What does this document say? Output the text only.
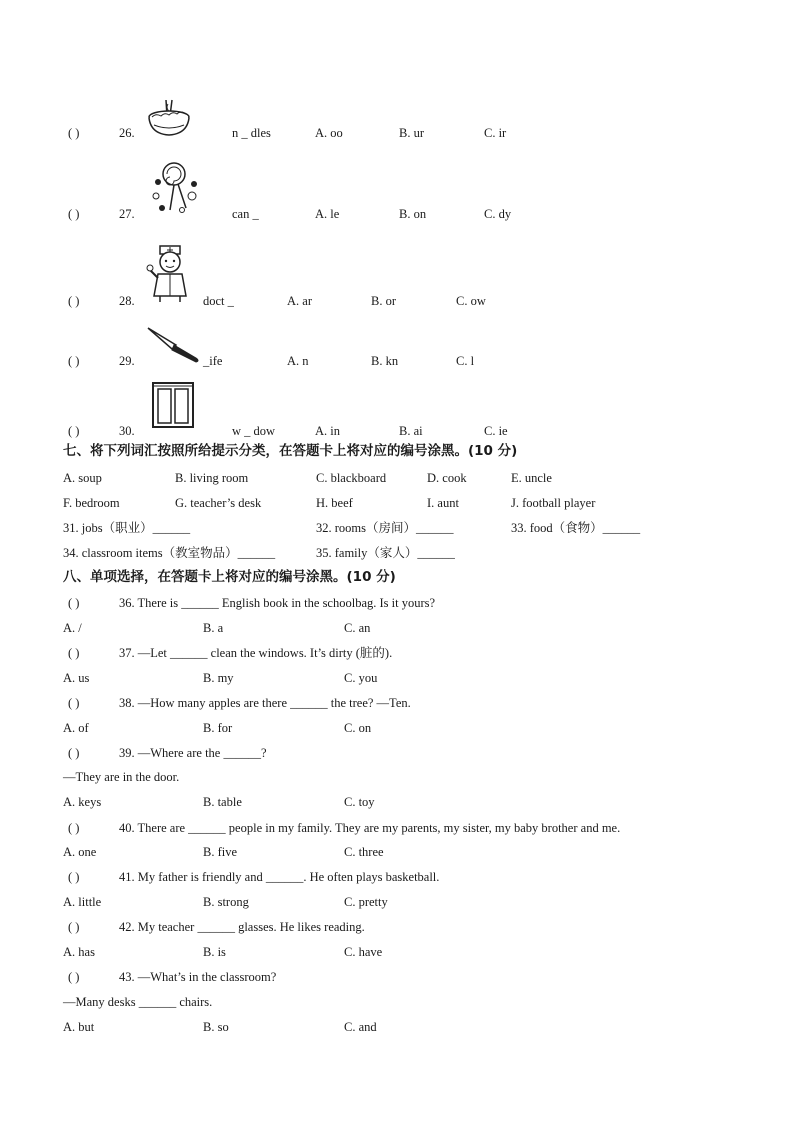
( )	26.	n _ dles	A. oo	B. ur	C. ir
( )	27.	can _	A. le	B. on	C. dy
( )	28.	doct _	A. ar	B. or	C. ow
( )	29.	_ife	A. n	B. kn	C. l
( )	30.	w _ dow	A. in	B. ai	C. ie
七、将下列词汇按照所给提示分类，在答题卡上将对应的编号涂黑。(10 分)
A. soup	B. living room	C. blackboard	D. cook	E. uncle
F. bedroom	G. teacher’s desk	H. beef	I. aunt	J. football player
31. jobs（职业）______	32. rooms（房间）______	33. food（食物）______
34. classroom items（教室物品）______	35. family（家人）______
八、单项选择，在答题卡上将对应的编号涂黑。(10 分)
( )	36. There is ______ English book in the schoolbag. Is it yours?
A. /	B. a	C. an
( )	37. —Let ______ clean the windows. It’s dirty (脏的).
A. us	B. my	C. you
( )	38. —How many apples are there ______ the tree? —Ten.
A. of	B. for	C. on
( )	39. —Where are the ______?
—They are in the door.
A. keys	B. table	C. toy
( )	40. There are ______ people in my family. They are my parents, my sister, my baby brother and me.
A. one	B. five	C. three
( )	41. My father is friendly and ______. He often plays basketball.
A. little	B. strong	C. pretty
( )	42. My teacher ______ glasses. He likes reading.
A. has	B. is	C. have
( )	43. —What’s in the classroom?
—Many desks ______ chairs.
A. but	B. so	C. and
